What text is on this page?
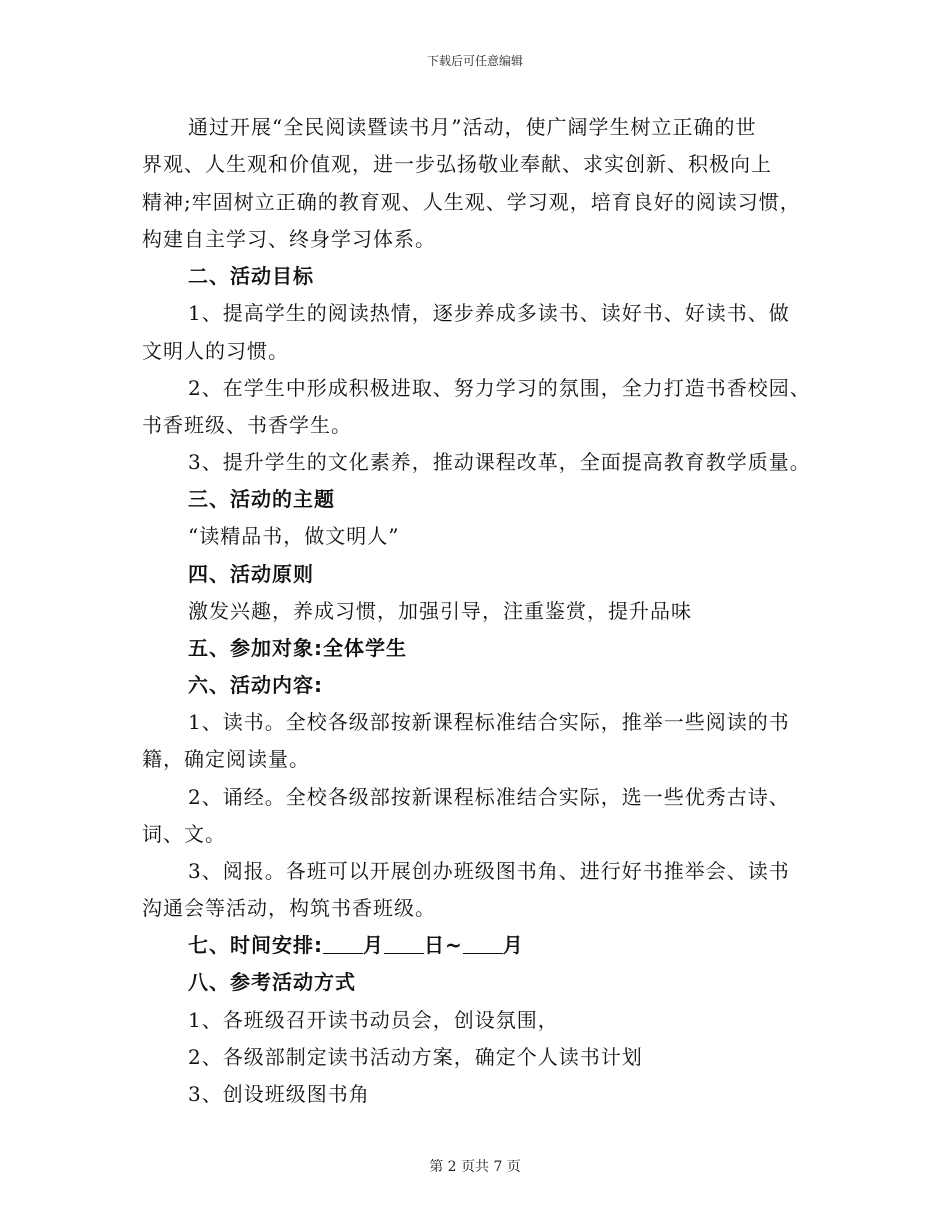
下载后可任意编辑
通过开展“全民阅读暨读书月”活动，使广阔学生树立正确的世
界观、人生观和价值观，进一步弘扬敬业奉献、求实创新、积极向上
精神;牢固树立正确的教育观、人生观、学习观，培育良好的阅读习惯，
构建自主学习、终身学习体系。
二、活动目标
1、提高学生的阅读热情，逐步养成多读书、读好书、好读书、做
文明人的习惯。
2、在学生中形成积极进取、努力学习的氛围，全力打造书香校园、
书香班级、书香学生。
3、提升学生的文化素养，推动课程改革，全面提高教育教学质量。
三、活动的主题
“读精品书，做文明人”
四、活动原则
激发兴趣，养成习惯，加强引导，注重鉴赏，提升品味
五、参加对象:全体学生
六、活动内容:
1、读书。全校各级部按新课程标准结合实际，推举一些阅读的书
籍，确定阅读量。
2、诵经。全校各级部按新课程标准结合实际，选一些优秀古诗、
词、文。
3、阅报。各班可以开展创办班级图书角、进行好书推举会、读书
沟通会等活动，构筑书香班级。
七、时间安排: 月 日~ 月
八、参考活动方式
1、各班级召开读书动员会，创设氛围，
2、各级部制定读书活动方案，确定个人读书计划
3、创设班级图书角
第 2 页共 7 页
